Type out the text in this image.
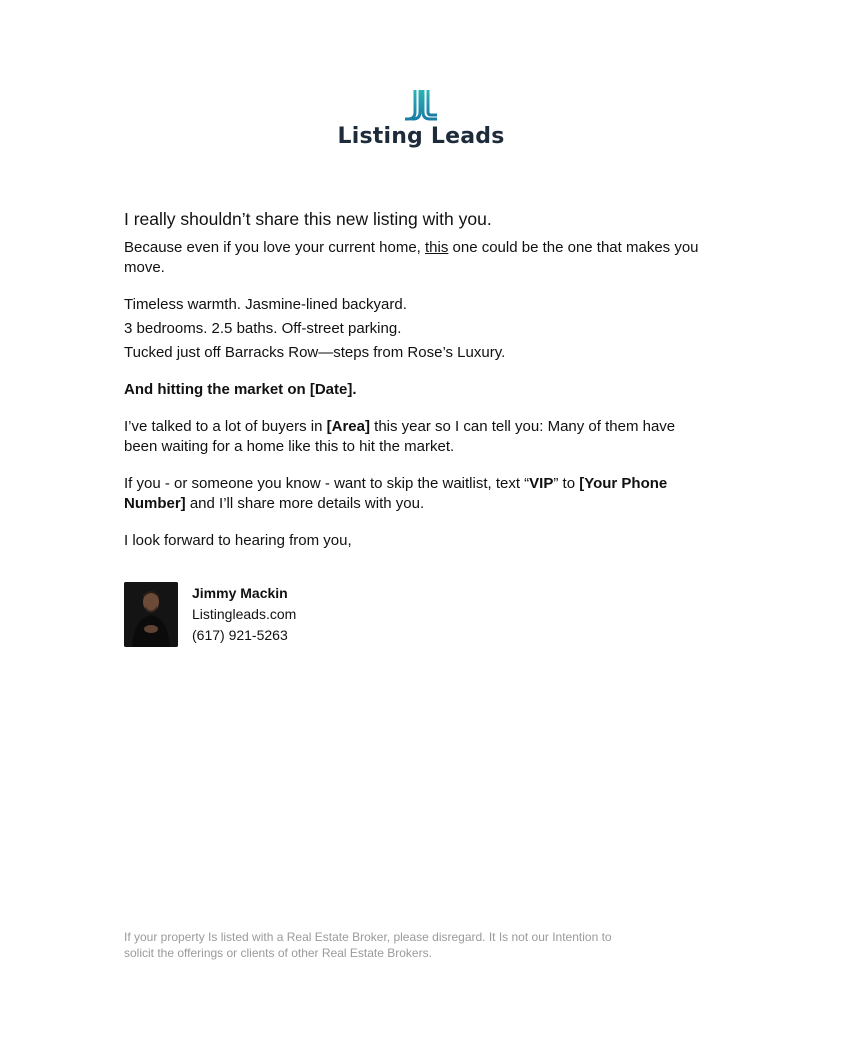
Listing Leads
I really shouldn’t share this new listing with you.

Because even if you love your current home, this one could be the one that makes you move.

Timeless warmth. Jasmine-lined backyard.

3 bedrooms. 2.5 baths. Off-street parking.

Tucked just off Barracks Row—steps from Rose’s Luxury.

And hitting the market on [Date].

I’ve talked to a lot of buyers in [Area] this year so I can tell you: Many of them have been waiting for a home like this to hit the market.

If you - or someone you know - want to skip the waitlist, text “VIP” to [Your Phone Number] and I’ll share more details with you.

I look forward to hearing from you,

Jimmy Mackin
Listingleads.com
(617) 921-5263
If your property Is listed with a Real Estate Broker, please disregard. It Is not our Intention to solicit the offerings or clients of other Real Estate Brokers.
